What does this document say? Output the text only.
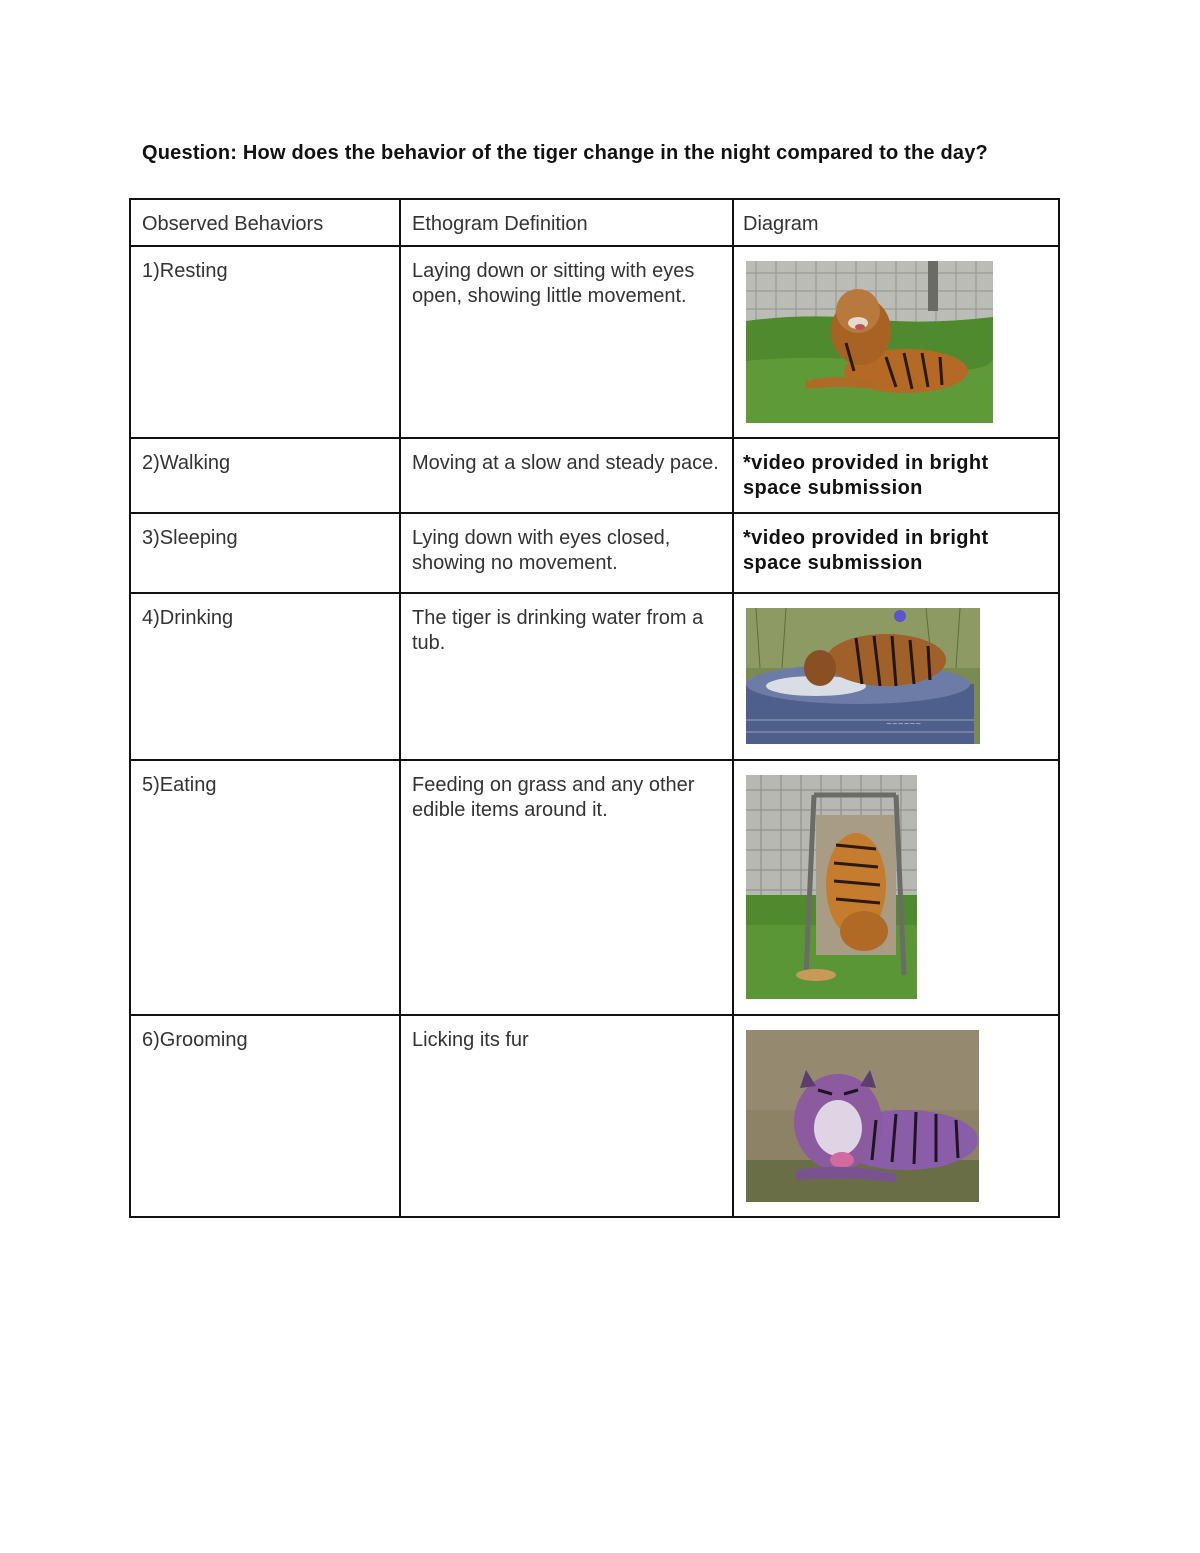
Question: How does the behavior of the tiger change in the night compared to the day?
Observed Behaviors	Ethogram Definition	Diagram

1)Resting	Laying down or sitting with eyes open, showing little movement.

2)Walking	Moving at a slow and steady pace.	*video provided in bright space submission

3)Sleeping	Lying down with eyes closed, showing no movement.	*video provided in bright space submission

4)Drinking	The tiger is drinking water from a tub.	~~~~~~

5)Eating	Feeding on grass and any other edible items around it.

6)Grooming	Licking its fur
